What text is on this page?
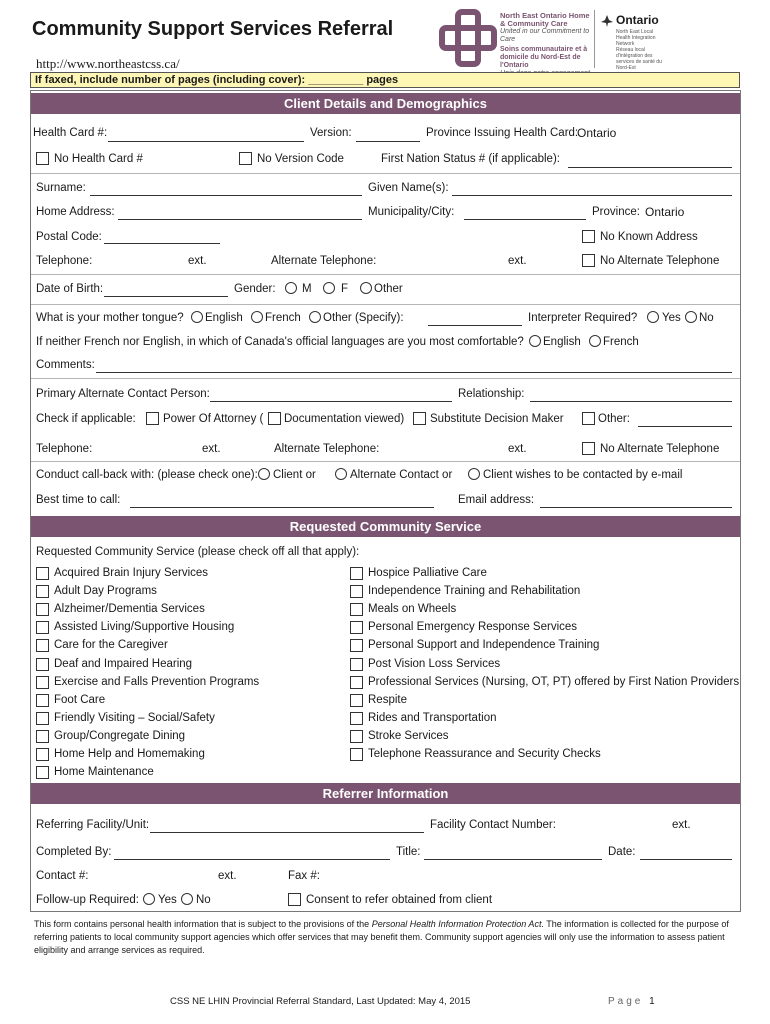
Community Support Services Referral
http://www.northeastcss.ca/
North East Ontario Home & Community Care
United in our Commitment to Care
Soins communautaire et à domicile du Nord-Est de l'Ontario
Ontario
North East Local Health Integration Network
Réseau local d'intégration des services de santé du Nord-Est
If faxed, include number of pages (including cover): _________ pages
Client Details and Demographics
Health Card #:	Version:	Province Issuing Health Card:
Ontario
No Health Card #	No Version Code	First Nation Status # (if applicable):
Surname:	Given Name(s):
Home Address:	Municipality/City:	Province: Ontario
Postal Code:	No Known Address
Telephone:	ext.	Alternate Telephone:	ext.	No Alternate Telephone
Date of Birth:	Gender: M	F Other
What is your mother tongue? English French Other (Specify):	Interpreter Required? Yes No
If neither French nor English, in which of Canada's official languages are you most comfortable? English French
Comments:
Primary Alternate Contact Person:	Relationship:
Check if applicable: Power Of Attorney ( Documentation viewed) Substitute Decision Maker	Other:
Telephone:	ext.	Alternate Telephone:	ext.	No Alternate Telephone
Conduct call-back with: (please check one): Client or	Alternate Contact or	Client wishes to be contacted by e-mail
Best time to call:	Email address:
Requested Community Service
Requested Community Service (please check off all that apply):
Acquired Brain Injury Services
Adult Day Programs
Alzheimer/Dementia Services
Assisted Living/Supportive Housing
Care for the Caregiver
Deaf and Impaired Hearing
Exercise and Falls Prevention Programs
Foot Care
Friendly Visiting – Social/Safety
Group/Congregate Dining
Home Help and Homemaking
Home Maintenance
Hospice Palliative Care
Independence Training and Rehabilitation
Meals on Wheels
Personal Emergency Response Services
Personal Support and Independence Training
Post Vision Loss Services
Professional Services (Nursing, OT, PT) offered by First Nation Providers
Respite
Rides and Transportation
Stroke Services
Telephone Reassurance and Security Checks
Referrer Information
Referring Facility/Unit:	Facility Contact Number:	ext.
Completed By:	Title:	Date:
Contact #:	ext.	Fax #:
Follow-up Required: Yes No	Consent to refer obtained from client
This form contains personal health information that is subject to the provisions of the Personal Health Information Protection Act. The information is collected for the purpose of referring patients to local community support agencies which offer services that may benefit them. Community support agencies will only use the information to assess patient eligibility and arrange services as required.
CSS NE LHIN Provincial Referral Standard, Last Updated: May 4, 2015	Page 1
